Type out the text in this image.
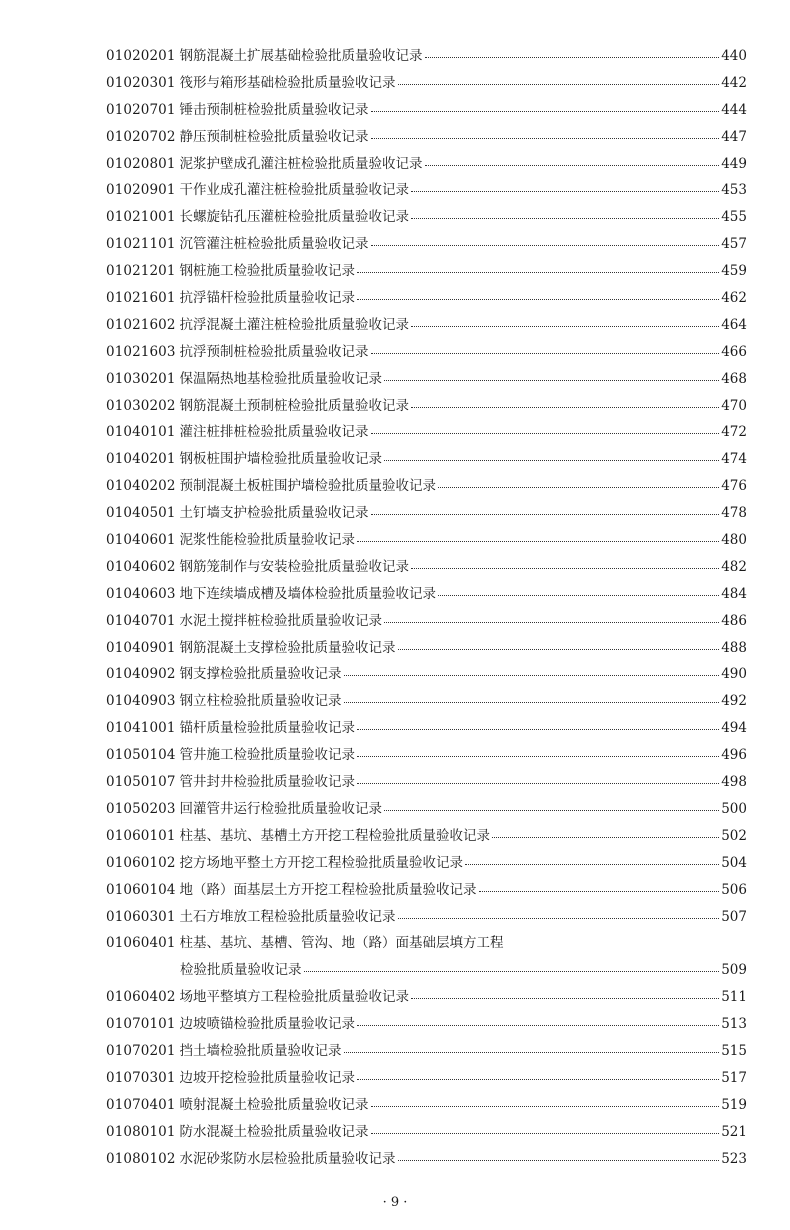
01020201 钢筋混凝土扩展基础检验批质量验收记录	440
01020301 筏形与箱形基础检验批质量验收记录	442
01020701 锤击预制桩检验批质量验收记录	444
01020702 静压预制桩检验批质量验收记录	447
01020801 泥浆护壁成孔灌注桩检验批质量验收记录	449
01020901 干作业成孔灌注桩检验批质量验收记录	453
01021001 长螺旋钻孔压灌桩检验批质量验收记录	455
01021101 沉管灌注桩检验批质量验收记录	457
01021201 钢桩施工检验批质量验收记录	459
01021601 抗浮锚杆检验批质量验收记录	462
01021602 抗浮混凝土灌注桩检验批质量验收记录	464
01021603 抗浮预制桩检验批质量验收记录	466
01030201 保温隔热地基检验批质量验收记录	468
01030202 钢筋混凝土预制桩检验批质量验收记录	470
01040101 灌注桩排桩检验批质量验收记录	472
01040201 钢板桩围护墙检验批质量验收记录	474
01040202 预制混凝土板桩围护墙检验批质量验收记录	476
01040501 土钉墙支护检验批质量验收记录	478
01040601 泥浆性能检验批质量验收记录	480
01040602 钢筋笼制作与安装检验批质量验收记录	482
01040603 地下连续墙成槽及墙体检验批质量验收记录	484
01040701 水泥土搅拌桩检验批质量验收记录	486
01040901 钢筋混凝土支撑检验批质量验收记录	488
01040902 钢支撑检验批质量验收记录	490
01040903 钢立柱检验批质量验收记录	492
01041001 锚杆质量检验批质量验收记录	494
01050104 管井施工检验批质量验收记录	496
01050107 管井封井检验批质量验收记录	498
01050203 回灌管井运行检验批质量验收记录	500
01060101 柱基、基坑、基槽土方开挖工程检验批质量验收记录	502
01060102 挖方场地平整土方开挖工程检验批质量验收记录	504
01060104 地（路）面基层土方开挖工程检验批质量验收记录	506
01060301 土石方堆放工程检验批质量验收记录	507
01060401 柱基、基坑、基槽、管沟、地（路）面基础层填方工程
检验批质量验收记录	509
01060402 场地平整填方工程检验批质量验收记录	511
01070101 边坡喷锚检验批质量验收记录	513
01070201 挡土墙检验批质量验收记录	515
01070301 边坡开挖检验批质量验收记录	517
01070401 喷射混凝土检验批质量验收记录	519
01080101 防水混凝土检验批质量验收记录	521
01080102 水泥砂浆防水层检验批质量验收记录	523
· 9 ·
